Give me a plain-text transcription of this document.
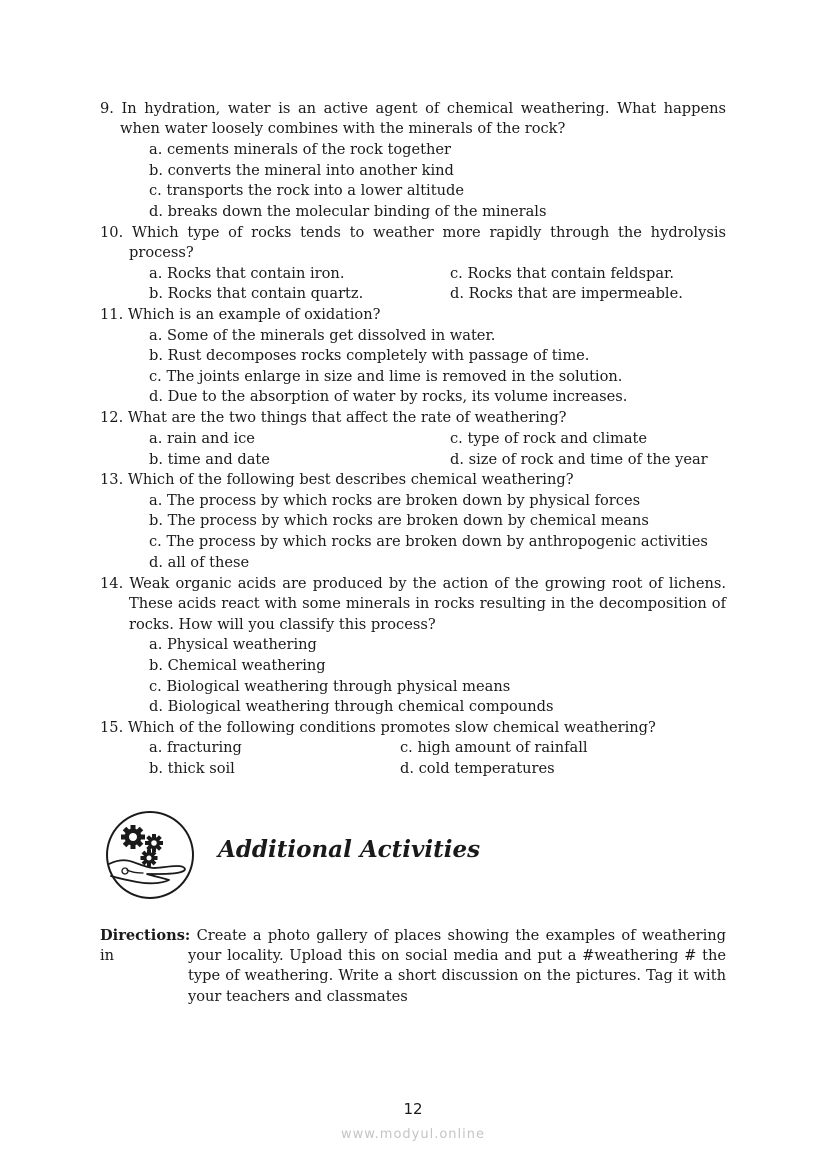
9. In hydration, water is an active agent of chemical weathering. What happens
when water loosely combines with the minerals of the rock?
a. cements minerals of the rock together
b. converts the mineral into another kind
c. transports the rock into a lower altitude
d. breaks down the molecular binding of the minerals
10. Which type of rocks tends to weather more rapidly through the hydrolysis
process?
a. Rocks that contain iron.	c. Rocks that contain feldspar.
b. Rocks that contain quartz.	d. Rocks that are impermeable.
11. Which is an example of oxidation?
a. Some of the minerals get dissolved in water.
b. Rust decomposes rocks completely with passage of time.
c. The joints enlarge in size and lime is removed in the solution.
d. Due to the absorption of water by rocks, its volume increases.
12. What are the two things that affect the rate of weathering?
a. rain and ice	c. type of rock and climate
b. time and date	d. size of rock and time of the year
13. Which of the following best describes chemical weathering?
a. The process by which rocks are broken down by physical forces
b. The process by which rocks are broken down by chemical means
c. The process by which rocks are broken down by anthropogenic activities
d. all of these
14. Weak organic acids are produced by the action of the growing root of lichens.
These acids react with some minerals in rocks resulting in the decomposition of
rocks. How will you classify this process?
a. Physical weathering
b. Chemical weathering
c. Biological weathering through physical means
d. Biological weathering through chemical compounds
15. Which of the following conditions promotes slow chemical weathering?
a. fracturing	c. high amount of rainfall
b. thick soil	d. cold temperatures
Additional Activities
Directions: Create a photo gallery of places showing the examples of weathering in	your locality. Upload this on social media and put a #weathering # the
type of weathering. Write a short discussion on the pictures. Tag it with
your teachers and classmates
12
www.modyul.online
